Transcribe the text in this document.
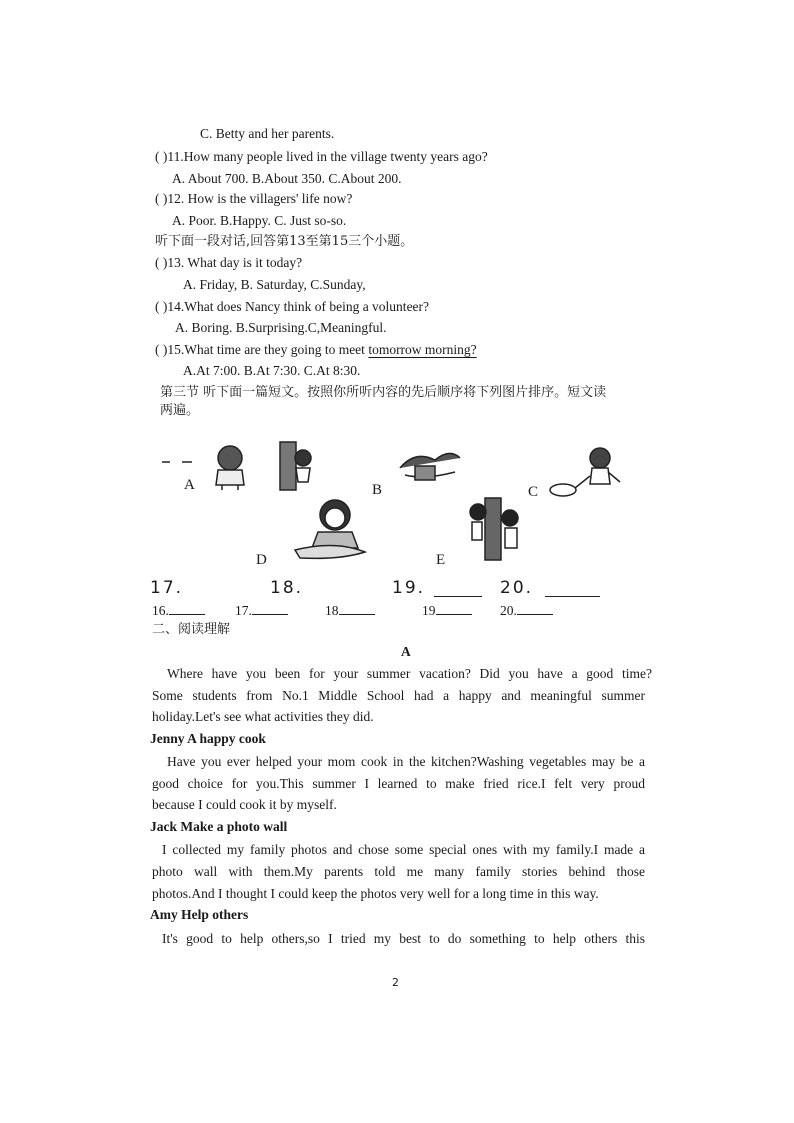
C. Betty and her parents.
( )11.How many people lived in the village twenty years ago?
A. About 700. B.About 350. C.About 200.
( )12. How is the villagers' life now?
A. Poor. B.Happy. C. Just so-so.
听下面一段对话,回答第13至第15三个小题。
( )13. What day is it today?
A. Friday, B. Saturday, C.Sunday,
( )14.What does Nancy think of being a volunteer?
A. Boring. B.Surprising.C,Meaningful.
( )15.What time are they going to meet tomorrow morning?
A.At 7:00. B.At 7:30. C.At 8:30.
第三节 听下面一篇短文。按照你所听内容的先后顺序将下列图片排序。短文读
两遍。
A	B	C
D	E
17.	18.	19.	20.
16.	17.	18	19	20.
二、阅读理解
A
Where have you been for your summer vacation? Did you have a good time?
Some students from No.1 Middle School had a happy and meaningful summer
holiday.Let's see what activities they did.
Jenny A happy cook
Have you ever helped your mom cook in the kitchen?Washing vegetables may be a
good choice for you.This summer I learned to make fried rice.I felt very proud
because I could cook it by myself.
Jack Make a photo wall
I collected my family photos and chose some special ones with my family.I made a
photo wall with them.My parents told me many family stories behind those
photos.And I thought I could keep the photos very well for a long time in this way.
Amy Help others
It's good to help others,so I tried my best to do something to help others this
2
